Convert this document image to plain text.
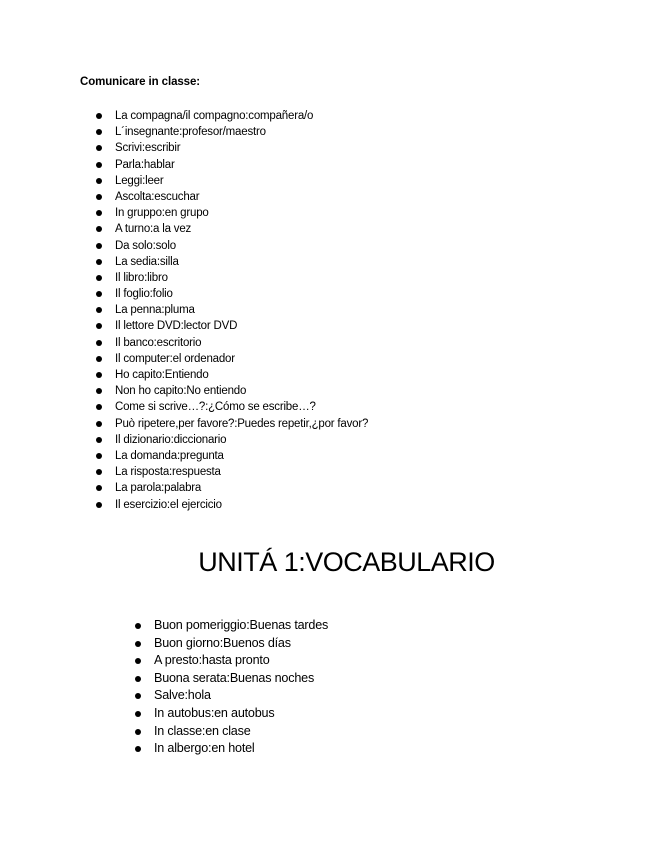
Comunicare in classe:
La compagna/il compagno:compañera/o
L´insegnante:profesor/maestro
Scrivi:escribir
Parla:hablar
Leggi:leer
Ascolta:escuchar
In gruppo:en grupo
A turno:a la vez
Da solo:solo
La sedia:silla
Il libro:libro
Il foglio:folio
La penna:pluma
Il lettore DVD:lector DVD
Il banco:escritorio
Il computer:el ordenador
Ho capito:Entiendo
Non ho capito:No entiendo
Come si scrive…?:¿Cómo se escribe…?
Può ripetere,per favore?:Puedes repetir,¿por favor?
Il dizionario:diccionario
La domanda:pregunta
La risposta:respuesta
La parola:palabra
Il esercizio:el ejercicio
UNITÁ 1:VOCABULARIO
Buon pomeriggio:Buenas tardes
Buon giorno:Buenos días
A presto:hasta pronto
Buona serata:Buenas noches
Salve:hola
In autobus:en autobus
In classe:en clase
In albergo:en hotel
